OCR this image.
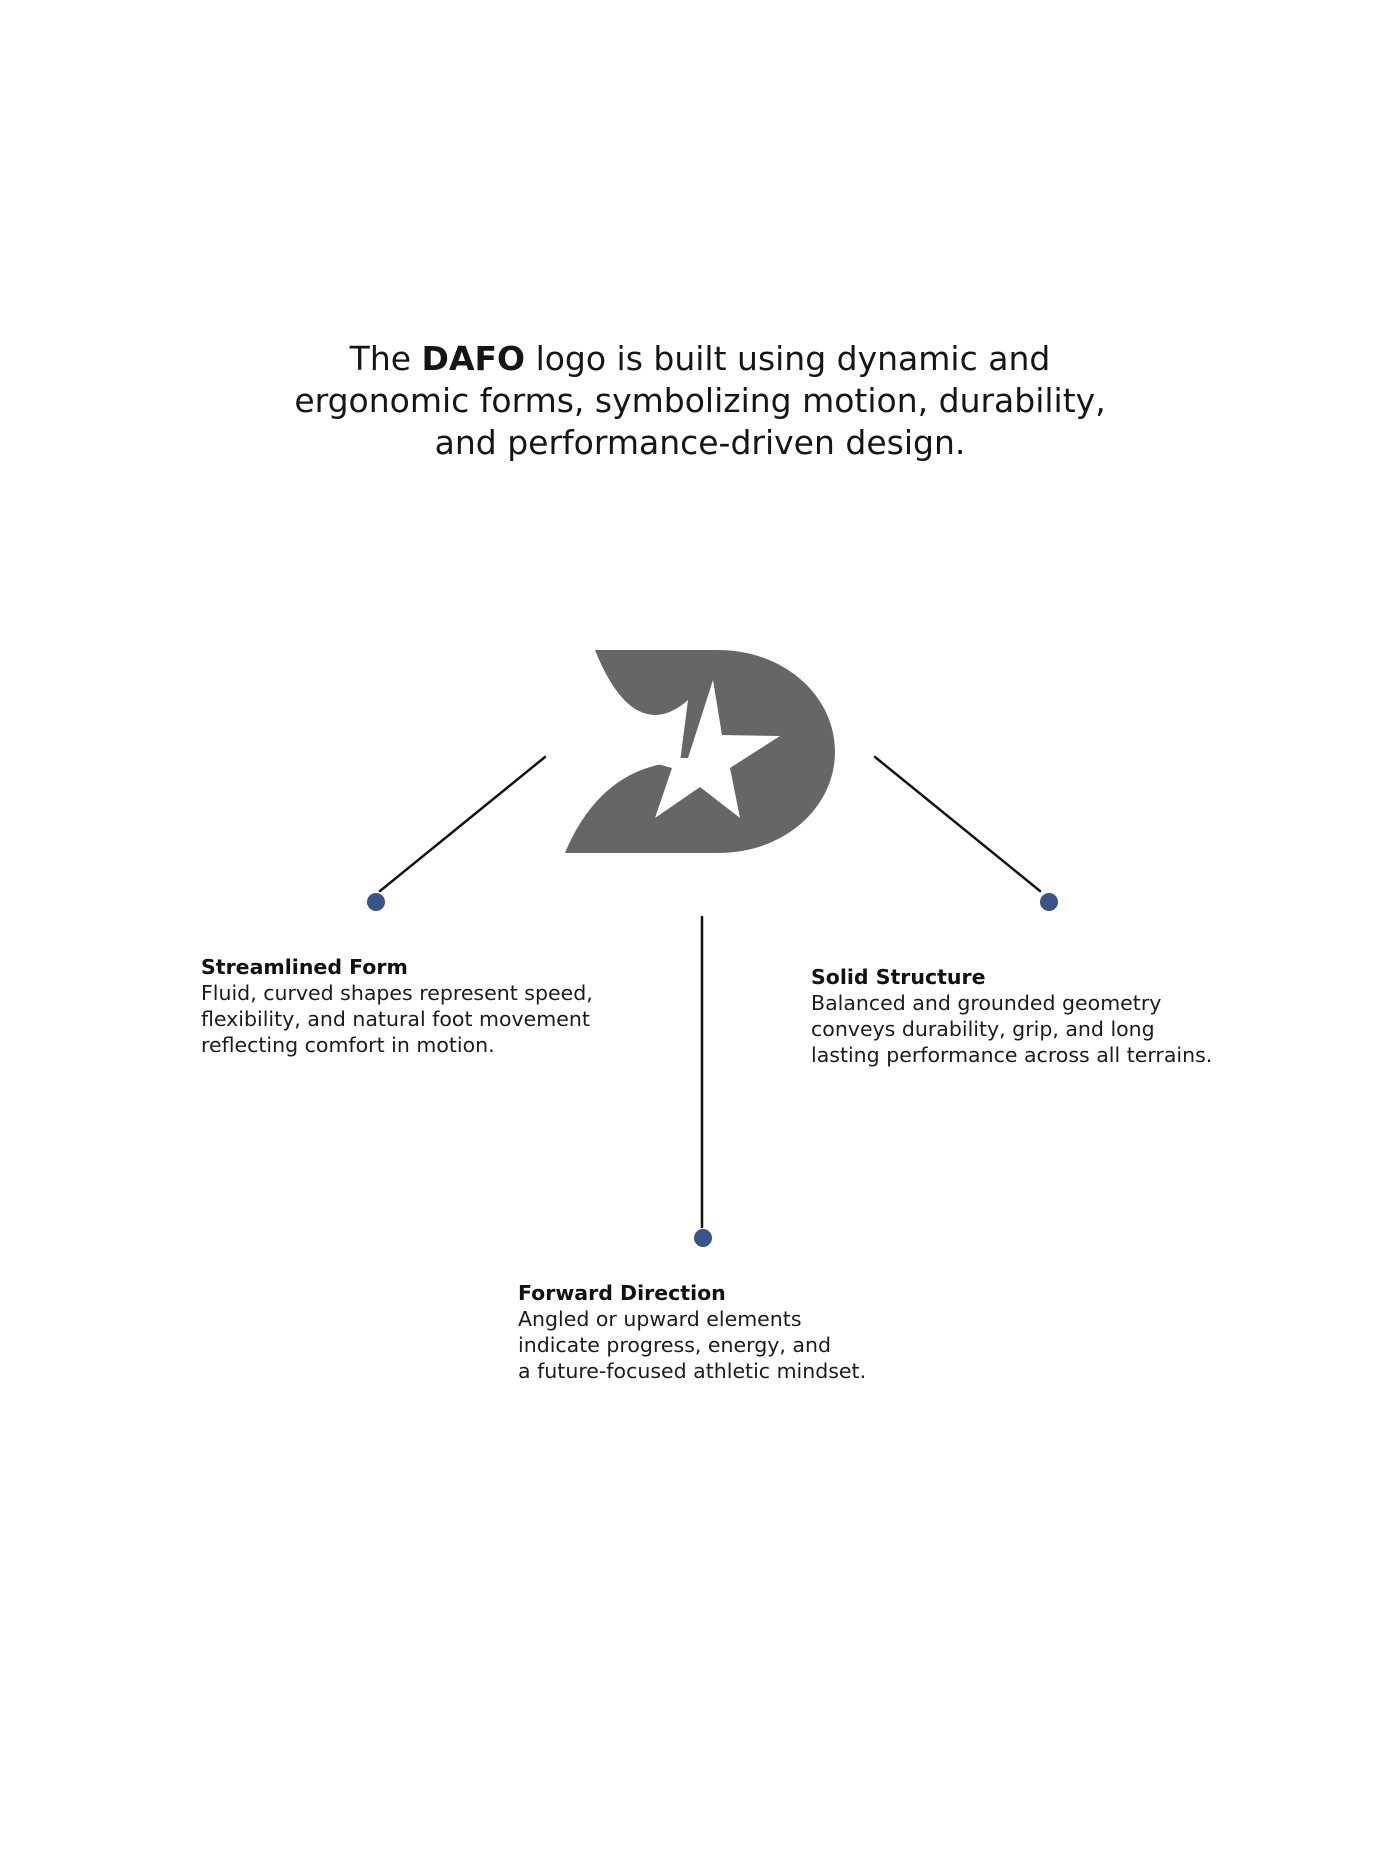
The DAFO logo is built using dynamic and
ergonomic forms, symbolizing motion, durability,
and performance-driven design.
Streamlined Form
Fluid, curved shapes represent speed,
flexibility, and natural foot movement
reflecting comfort in motion.
Solid Structure
Balanced and grounded geometry
conveys durability, grip, and long
lasting performance across all terrains.
Forward Direction
Angled or upward elements
indicate progress, energy, and
a future-focused athletic mindset.
